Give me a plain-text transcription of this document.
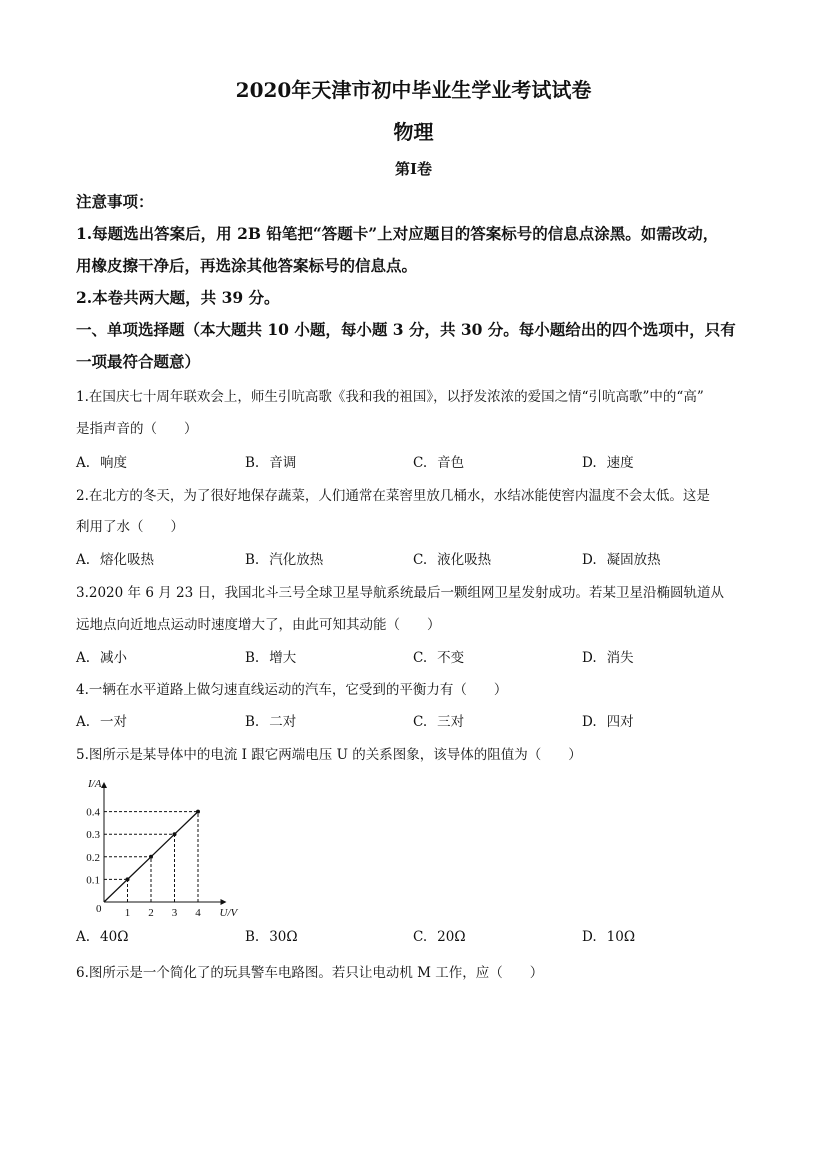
2020年天津市初中毕业生学业考试试卷
物理
第Ⅰ卷
注意事项：
1.每题选出答案后，用 2B 铅笔把“答题卡”上对应题目的答案标号的信息点涂黑。如需改动，
用橡皮擦干净后，再选涂其他答案标号的信息点。
2.本卷共两大题，共 39 分。
一、单项选择题（本大题共 10 小题，每小题 3 分，共 30 分。每小题给出的四个选项中，只有
一项最符合题意）
1.在国庆七十周年联欢会上，师生引吭高歌《我和我的祖国》，以抒发浓浓的爱国之情“引吭高歌”中的“高”
是指声音的（　　）
A. 响度	B. 音调	C. 音色	D. 速度
2.在北方的冬天，为了很好地保存蔬菜，人们通常在菜窖里放几桶水，水结冰能使窖内温度不会太低。这是
利用了水（　　）
A. 熔化吸热	B. 汽化放热	C. 液化吸热	D. 凝固放热
3.2020 年 6 月 23 日，我国北斗三号全球卫星导航系统最后一颗组网卫星发射成功。若某卫星沿椭圆轨道从
远地点向近地点运动时速度增大了，由此可知其动能（　　）
A. 减小	B. 增大	C. 不变	D. 消失
4.一辆在水平道路上做匀速直线运动的汽车，它受到的平衡力有（　　）
A. 一对	B. 二对	C. 三对	D. 四对
5.图所示是某导体中的电流 I 跟它两端电压 U 的关系图象，该导体的阻值为（　　）
1 2 3 4
0.1
0.2
0.3
0.4
I/A
U/V
0
A. 40Ω	B. 30Ω	C. 20Ω	D. 10Ω
6.图所示是一个简化了的玩具警车电路图。若只让电动机 M 工作，应（　　）
